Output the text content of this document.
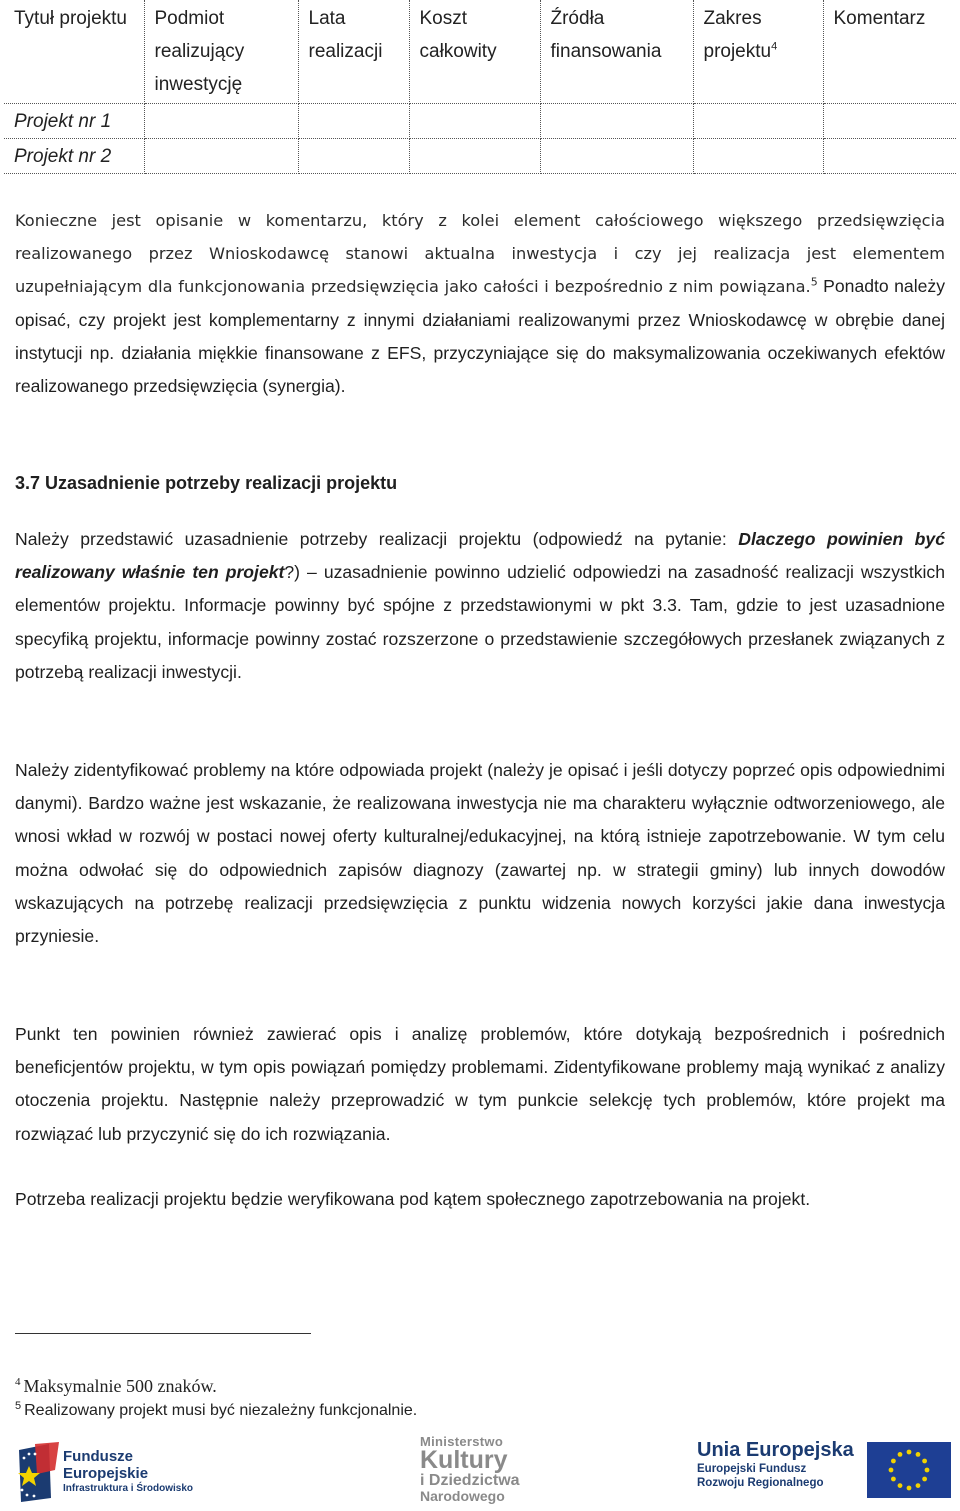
Tytuł projektu	Podmiot realizujący inwestycję	Lata realizacji	Koszt całkowity	Źródła finansowania	Zakres projektu$^4$	Komentarz
Projekt nr 1						
Projekt nr 2						

Konieczne jest opisanie w komentarzu, który z kolei element całościowego większego przedsięwzięcia realizowanego przez Wnioskodawcę stanowi aktualna inwestycja i czy jej realizacja jest elementem uzupełniającym dla funkcjonowania przedsięwzięcia jako całości i bezpośrednio z nim powiązana.$^5$ Ponadto należy opisać, czy projekt jest komplementarny z innymi działaniami realizowanymi przez Wnioskodawcę w obrębie danej instytucji np. działania miękkie finansowane z EFS, przyczyniające się do maksymalizowania oczekiwanych efektów realizowanego przedsięwzięcia (synergia).

3.7 Uzasadnienie potrzeby realizacji projektu

Należy przedstawić uzasadnienie potrzeby realizacji projektu (odpowiedź na pytanie: Dlaczego powinien być realizowany właśnie ten projekt?) – uzasadnienie powinno udzielić odpowiedzi na zasadność realizacji wszystkich elementów projektu. Informacje powinny być spójne z przedstawionymi w pkt 3.3. Tam, gdzie to jest uzasadnione specyfiką projektu, informacje powinny zostać rozszerzone o przedstawienie szczegółowych przesłanek związanych z potrzebą realizacji inwestycji.

Należy zidentyfikować problemy na które odpowiada projekt (należy je opisać i jeśli dotyczy poprzeć opis odpowiednimi danymi). Bardzo ważne jest wskazanie, że realizowana inwestycja nie ma charakteru wyłącznie odtworzeniowego, ale wnosi wkład w rozwój w postaci nowej oferty kulturalnej/edukacyjnej, na którą istnieje zapotrzebowanie. W tym celu można odwołać się do odpowiednich zapisów diagnozy (zawartej np. w strategii gminy) lub innych dowodów wskazujących na potrzebę realizacji przedsięwzięcia z punktu widzenia nowych korzyści jakie dana inwestycja przyniesie.

Punkt ten powinien również zawierać opis i analizę problemów, które dotykają bezpośrednich i pośrednich beneficjentów projektu, w tym opis powiązań pomiędzy problemami. Zidentyfikowane problemy mają wynikać z analizy otoczenia projektu. Następnie należy przeprowadzić w tym punkcie selekcję tych problemów, które projekt ma rozwiązać lub przyczynić się do ich rozwiązania.

Potrzeba realizacji projektu będzie weryfikowana pod kątem społecznego zapotrzebowania na projekt.

$^4$ Maksymalnie 500 znaków.
$^5$ Realizowany projekt musi być niezależny funkcjonalnie.
Fundusze
Europejskie
Infrastruktura i Środowisko
Ministerstwo
Kultury
i Dziedzictwa
Narodowego
Unia Europejska
Europejski Fundusz
Rozwoju Regionalnego
